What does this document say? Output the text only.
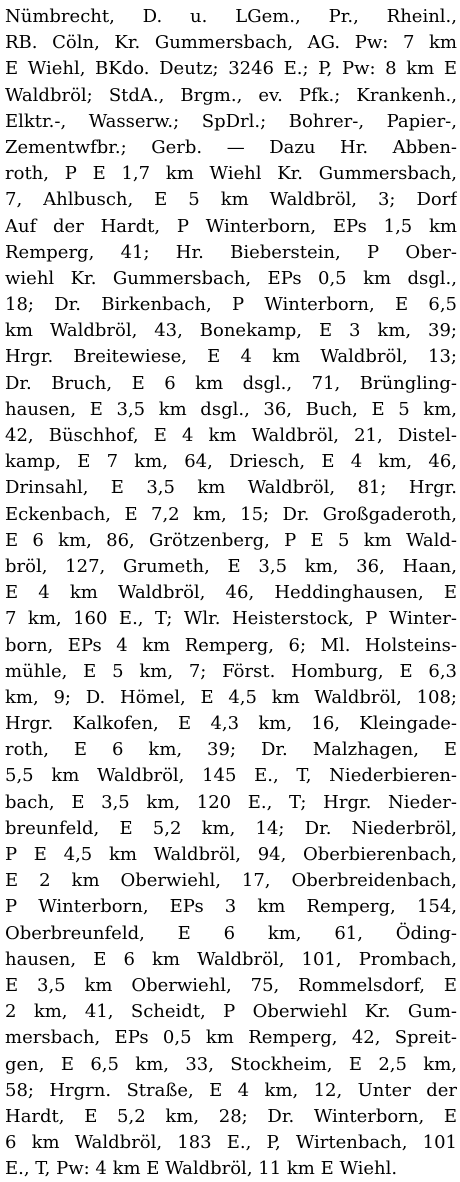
Nümbrecht, D. u. LGem., Pr., Rheinl.,
RB. Cöln, Kr. Gummersbach, AG. Pw: 7 km
E Wiehl, BKdo. Deutz; 3246 E.; P, Pw: 8 km E
Waldbröl; StdA., Brgm., ev. Pfk.; Krankenh.,
Elktr.-, Wasserw.; SpDrl.; Bohrer-, Papier-,
Zementwfbr.; Gerb. — Dazu Hr. Abben-
roth, P E 1,7 km Wiehl Kr. Gummersbach,
7, Ahlbusch, E 5 km Waldbröl, 3; Dorf
Auf der Hardt, P Winterborn, EPs 1,5 km
Remperg, 41; Hr. Bieberstein, P Ober-
wiehl Kr. Gummersbach, EPs 0,5 km dsgl.,
18; Dr. Birkenbach, P Winterborn, E 6,5
km Waldbröl, 43, Bonekamp, E 3 km, 39;
Hrgr. Breitewiese, E 4 km Waldbröl, 13;
Dr. Bruch, E 6 km dsgl., 71, Brüngling-
hausen, E 3,5 km dsgl., 36, Buch, E 5 km,
42, Büschhof, E 4 km Waldbröl, 21, Distel-
kamp, E 7 km, 64, Driesch, E 4 km, 46,
Drinsahl, E 3,5 km Waldbröl, 81; Hrgr.
Eckenbach, E 7,2 km, 15; Dr. Großgaderoth,
E 6 km, 86, Grötzenberg, P E 5 km Wald-
bröl, 127, Grumeth, E 3,5 km, 36, Haan,
E 4 km Waldbröl, 46, Heddinghausen, E
7 km, 160 E., T; Wlr. Heisterstock, P Winter-
born, EPs 4 km Remperg, 6; Ml. Holsteins-
mühle, E 5 km, 7; Först. Homburg, E 6,3
km, 9; D. Hömel, E 4,5 km Waldbröl, 108;
Hrgr. Kalkofen, E 4,3 km, 16, Kleingade-
roth, E 6 km, 39; Dr. Malzhagen, E
5,5 km Waldbröl, 145 E., T, Niederbieren-
bach, E 3,5 km, 120 E., T; Hrgr. Nieder-
breunfeld, E 5,2 km, 14; Dr. Niederbröl,
P E 4,5 km Waldbröl, 94, Oberbierenbach,
E 2 km Oberwiehl, 17, Oberbreidenbach,
P Winterborn, EPs 3 km Remperg, 154,
Oberbreunfeld, E 6 km, 61, Öding-
hausen, E 6 km Waldbröl, 101, Prombach,
E 3,5 km Oberwiehl, 75, Rommelsdorf, E
2 km, 41, Scheidt, P Oberwiehl Kr. Gum-
mersbach, EPs 0,5 km Remperg, 42, Spreit-
gen, E 6,5 km, 33, Stockheim, E 2,5 km,
58; Hrgrn. Straße, E 4 km, 12, Unter der
Hardt, E 5,2 km, 28; Dr. Winterborn, E
6 km Waldbröl, 183 E., P, Wirtenbach, 101
E., T, Pw: 4 km E Waldbröl, 11 km E Wiehl.
